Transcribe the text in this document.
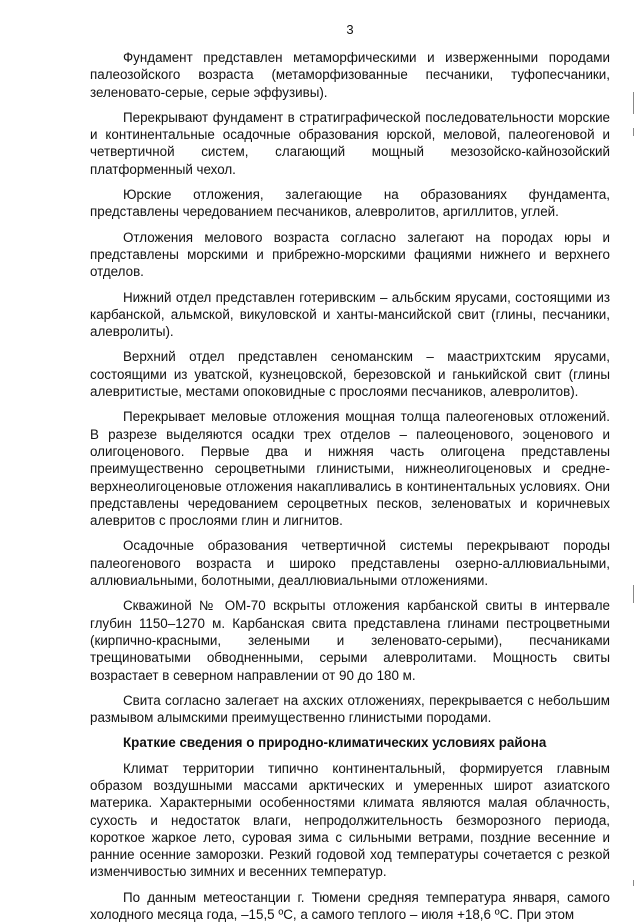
3

Фундамент представлен метаморфическими и изверженными породами палеозойского возраста (метаморфизованные песчаники, туфопесчаники, зеленовато-серые, серые эффузивы).

Перекрывают фундамент в стратиграфической последовательности морские и континентальные осадочные образования юрской, меловой, палеогеновой и четвертичной систем, слагающий мощный мезозойско-кайнозойский платформенный чехол.

Юрские отложения, залегающие на образованиях фундамента, представлены чередованием песчаников, алевролитов, аргиллитов, углей.

Отложения мелового возраста согласно залегают на породах юры и представлены морскими и прибрежно-морскими фациями нижнего и верхнего отделов.

Нижний отдел представлен готеривским – альбским ярусами, состоящими из карбанской, альмской, викуловской и ханты-мансийской свит (глины, песчаники, алевролиты).

Верхний отдел представлен сеноманским – маастрихтским ярусами, состоящими из уватской, кузнецовской, березовской и ганькийской свит (глины алевритистые, местами опоковидные с прослоями песчаников, алевролитов).

Перекрывает меловые отложения мощная толща палеогеновых отложений. В разрезе выделяются осадки трех отделов – палеоценового, эоценового и олигоценового. Первые два и нижняя часть олигоцена представлены преимущественно сероцветными глинистыми, нижнеолигоценовых и средне-верхнеолигоценовые отложения накапливались в континентальных условиях. Они представлены чередованием сероцветных песков, зеленоватых и коричневых алевритов с прослоями глин и лигнитов.

Осадочные образования четвертичной системы перекрывают породы палеогенового возраста и широко представлены озерно-аллювиальными, аллювиальными, болотными, деаллювиальными отложениями.

Скважиной № ОМ-70 вскрыты отложения карбанской свиты в интервале глубин 1150–1270 м. Карбанская свита представлена глинами пестроцветными (кирпично-красными, зелеными и зеленовато-серыми), песчаниками трещиноватыми обводненными, серыми алевролитами. Мощность свиты возрастает в северном направлении от 90 до 180 м.

Свита согласно залегает на ахских отложениях, перекрывается с небольшим размывом алымскими преимущественно глинистыми породами.

Краткие сведения о природно-климатических условиях района

Климат территории типично континентальный, формируется главным образом воздушными массами арктических и умеренных широт азиатского материка. Характерными особенностями климата являются малая облачность, сухость и недостаток влаги, непродолжительность безморозного периода, короткое жаркое лето, суровая зима с сильными ветрами, поздние весенние и ранние осенние заморозки. Резкий годовой ход температуры сочетается с резкой изменчивостью зимних и весенних температур.

По данным метеостанции г. Тюмени средняя температура января, самого холодного месяца года, –15,5 ºС, а самого теплого – июля +18,6 ºС. При этом
